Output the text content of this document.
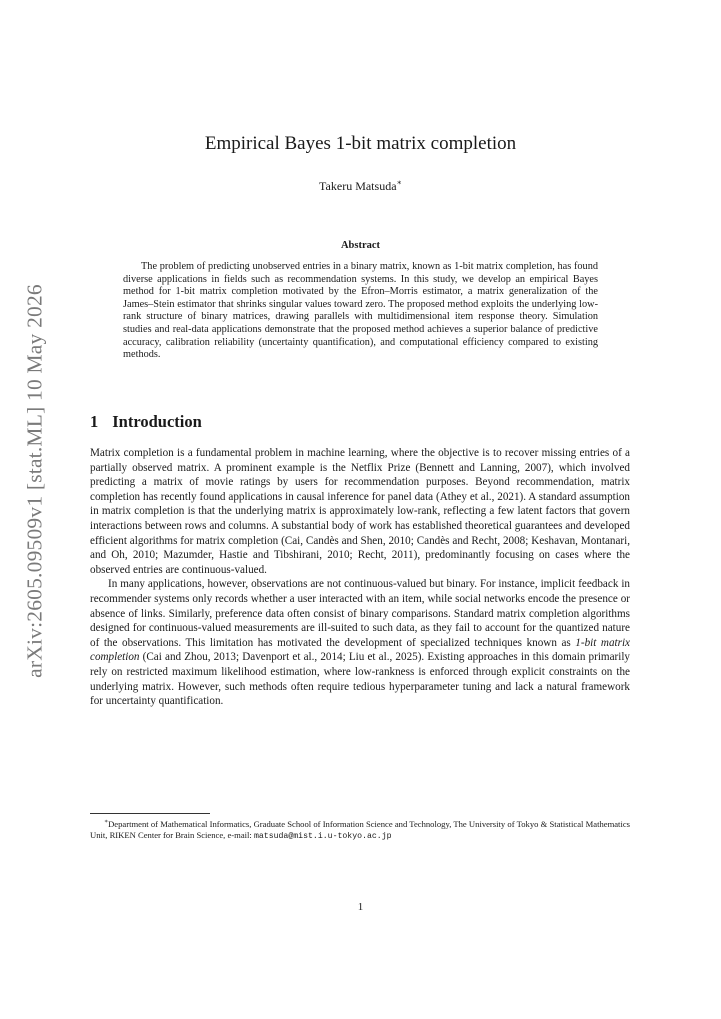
arXiv:2605.09509v1 [stat.ML] 10 May 2026
Empirical Bayes 1-bit matrix completion
Takeru Matsuda∗
Abstract

The problem of predicting unobserved entries in a binary matrix, known as 1-bit matrix completion, has found diverse applications in fields such as recommendation systems. In this study, we develop an empirical Bayes method for 1-bit matrix completion motivated by the Efron–Morris estimator, a matrix generalization of the James–Stein estimator that shrinks singular values toward zero. The proposed method exploits the underlying low-rank structure of binary matrices, drawing parallels with multidimensional item response theory. Simulation studies and real-data applications demonstrate that the proposed method achieves a superior balance of predictive accuracy, calibration reliability (uncertainty quantification), and computational efficiency compared to existing methods.

1 Introduction

Matrix completion is a fundamental problem in machine learning, where the objective is to recover missing entries of a partially observed matrix. A prominent example is the Netflix Prize (Bennett and Lanning, 2007), which involved predicting a matrix of movie ratings by users for recommendation purposes. Beyond recommendation, matrix completion has recently found applications in causal inference for panel data (Athey et al., 2021). A standard assumption in matrix completion is that the underlying matrix is approximately low-rank, reflecting a few latent factors that govern interactions between rows and columns. A substantial body of work has established theoretical guarantees and developed efficient algorithms for matrix completion (Cai, Candès and Shen, 2010; Candès and Recht, 2008; Keshavan, Montanari, and Oh, 2010; Mazumder, Hastie and Tibshirani, 2010; Recht, 2011), predominantly focusing on cases where the observed entries are continuous-valued.

In many applications, however, observations are not continuous-valued but binary. For instance, implicit feedback in recommender systems only records whether a user interacted with an item, while social networks encode the presence or absence of links. Similarly, preference data often consist of binary comparisons. Standard matrix completion algorithms designed for continuous-valued measurements are ill-suited to such data, as they fail to account for the quantized nature of the observations. This limitation has motivated the development of specialized techniques known as 1-bit matrix completion (Cai and Zhou, 2013; Davenport et al., 2014; Liu et al., 2025). Existing approaches in this domain primarily rely on restricted maximum likelihood estimation, where low-rankness is enforced through explicit constraints on the underlying matrix. However, such methods often require tedious hyperparameter tuning and lack a natural framework for uncertainty quantification.

∗Department of Mathematical Informatics, Graduate School of Information Science and Technology, The University of Tokyo & Statistical Mathematics Unit, RIKEN Center for Brain Science, e-mail: matsuda@mist.i.u-tokyo.ac.jp

1
